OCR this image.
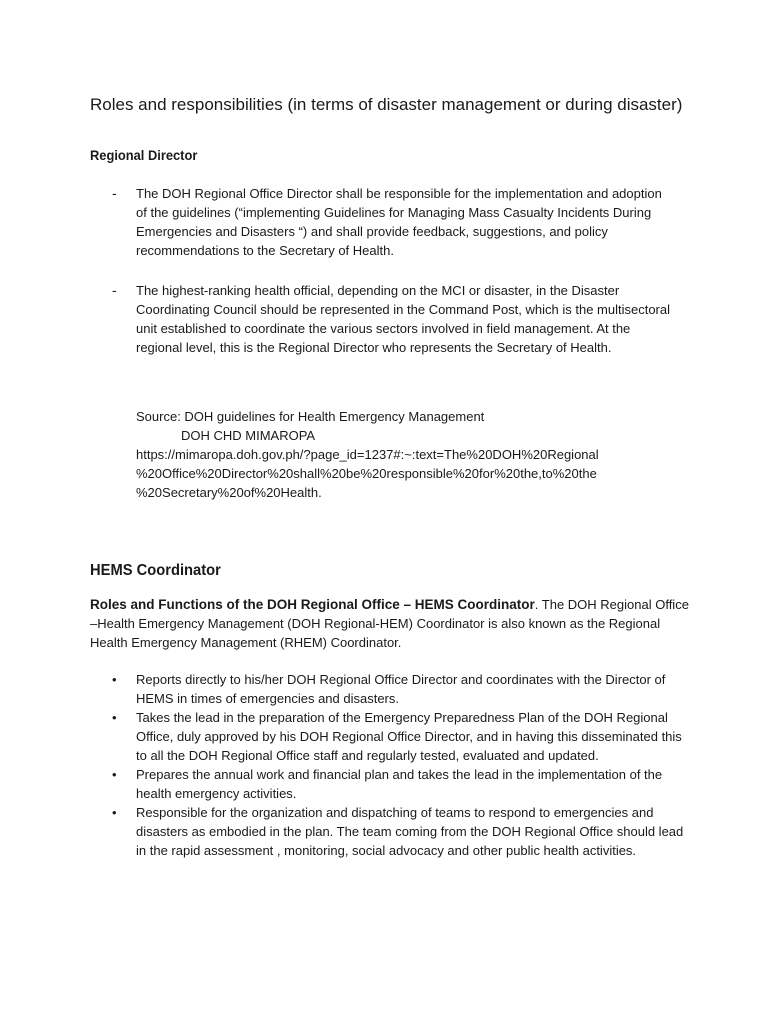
Roles and responsibilities (in terms of disaster management or during disaster)
Regional Director
- The DOH Regional Office Director shall be responsible for the implementation and adoption of the guidelines (“implementing Guidelines for Managing Mass Casualty Incidents During Emergencies and Disasters “) and shall provide feedback, suggestions, and policy recommendations to the Secretary of Health.
- The highest-ranking health official, depending on the MCI or disaster, in the Disaster Coordinating Council should be represented in the Command Post, which is the multisectoral unit established to coordinate the various sectors involved in field management. At the regional level, this is the Regional Director who represents the Secretary of Health.
Source: DOH guidelines for Health Emergency Management
DOH CHD MIMAROPA
https://mimaropa.doh.gov.ph/?page_id=1237#:~:text=The%20DOH%20Regional
%20Office%20Director%20shall%20be%20responsible%20for%20the,to%20the
%20Secretary%20of%20Health.
HEMS Coordinator
Roles and Functions of the DOH Regional Office – HEMS Coordinator. The DOH Regional Office –Health Emergency Management (DOH Regional-HEM) Coordinator is also known as the Regional Health Emergency Management (RHEM) Coordinator.
• Reports directly to his/her DOH Regional Office Director and coordinates with the Director of HEMS in times of emergencies and disasters.
• Takes the lead in the preparation of the Emergency Preparedness Plan of the DOH Regional Office, duly approved by his DOH Regional Office Director, and in having this disseminated this to all the DOH Regional Office staff and regularly tested, evaluated and updated.
• Prepares the annual work and financial plan and takes the lead in the implementation of the health emergency activities.
• Responsible for the organization and dispatching of teams to respond to emergencies and disasters as embodied in the plan. The team coming from the DOH Regional Office should lead in the rapid assessment , monitoring, social advocacy and other public health activities.
